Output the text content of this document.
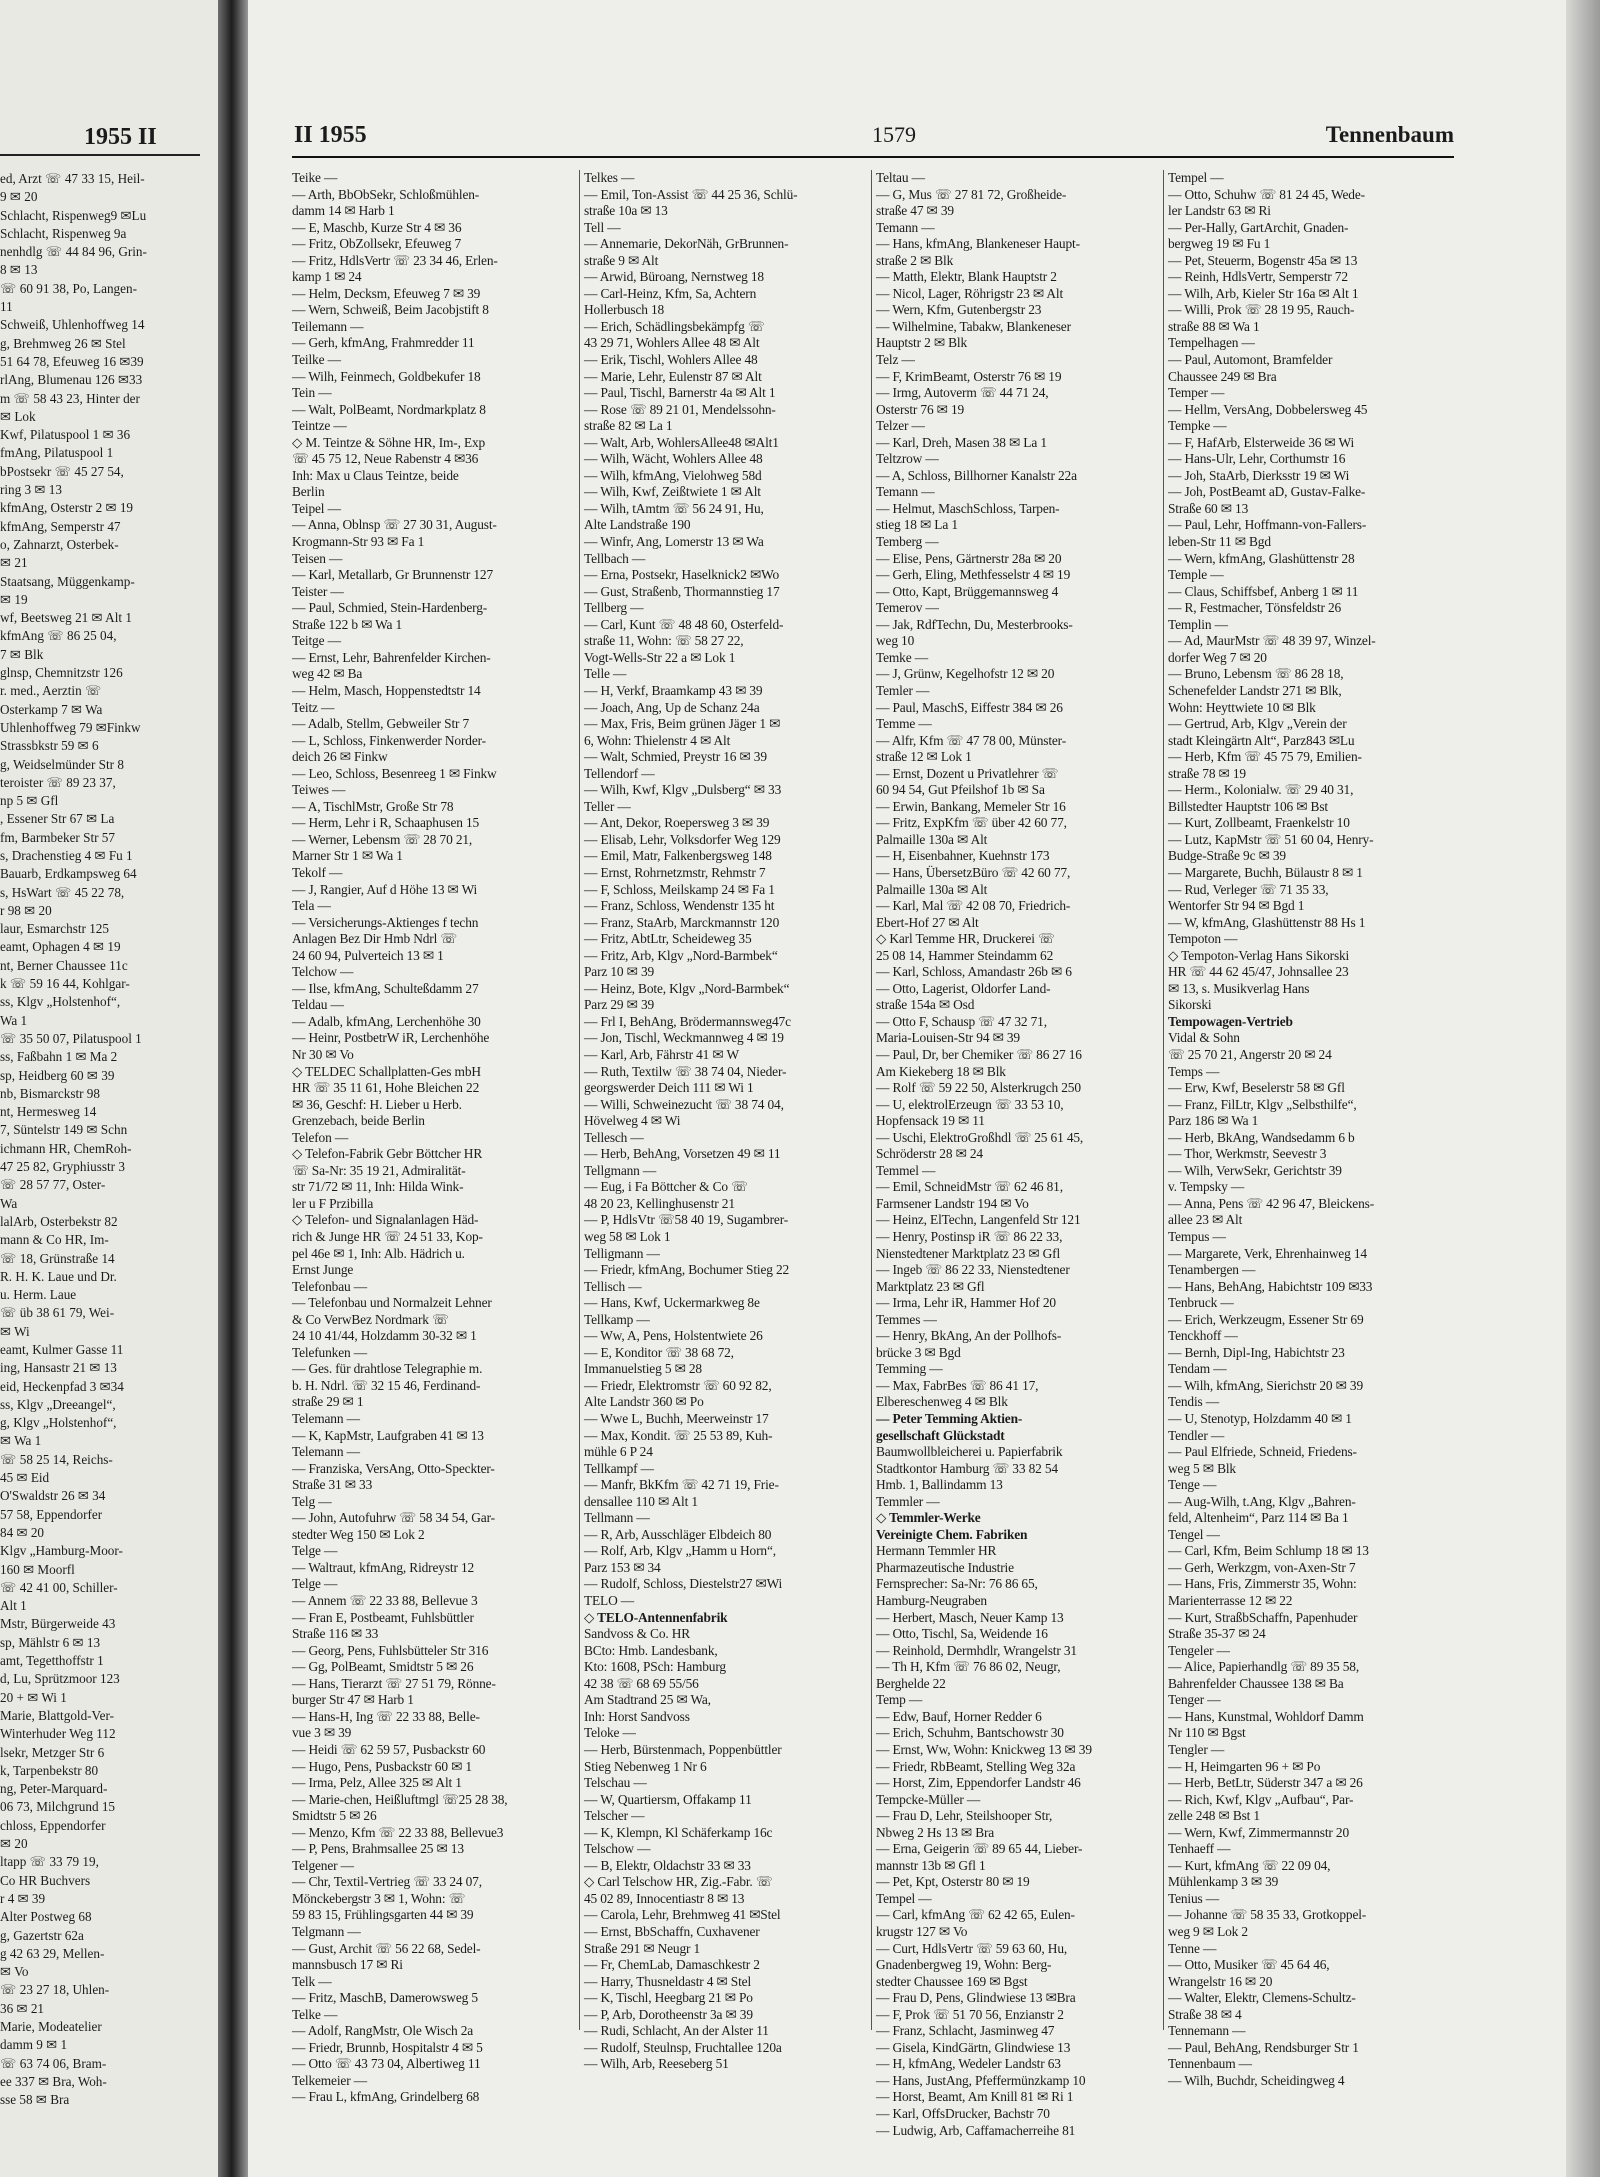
1955 II
ed, Arzt ☏ 47 33 15, Heil-
9 ✉ 20
Schlacht, Rispenweg9 ✉Lu
Schlacht, Rispenweg 9a
nenhdlg ☏ 44 84 96, Grin-
8 ✉ 13
☏ 60 91 38, Po, Langen-
11
Schweiß, Uhlenhoffweg 14
g, Brehmweg 26 ✉ Stel
51 64 78, Efeuweg 16 ✉39
rlAng, Blumenau 126 ✉33
m ☏ 58 43 23, Hinter der
✉ Lok
Kwf, Pilatuspool 1 ✉ 36
fmAng, Pilatuspool 1
bPostsekr ☏ 45 27 54,
ring 3 ✉ 13
kfmAng, Osterstr 2 ✉ 19
kfmAng, Semperstr 47
o, Zahnarzt, Osterbek-
✉ 21
Staatsang, Müggenkamp-
✉ 19
wf, Beetsweg 21 ✉ Alt 1
kfmAng ☏ 86 25 04,
7 ✉ Blk
glnsp, Chemnitzstr 126
r. med., Aerztin ☏
Osterkamp 7 ✉ Wa
Uhlenhoffweg 79 ✉Finkw
Strassbkstr 59 ✉ 6
g, Weidselmünder Str 8
teroister ☏ 89 23 37,
np 5 ✉ Gfl
, Essener Str 67 ✉ La
fm, Barmbeker Str 57
s, Drachenstieg 4 ✉ Fu 1
Bauarb, Erdkampsweg 64
s, HsWart ☏ 45 22 78,
r 98 ✉ 20
laur, Esmarchstr 125
eamt, Ophagen 4 ✉ 19
nt, Berner Chaussee 11c
k ☏ 59 16 44, Kohlgar-
ss, Klgv „Holstenhof“,
Wa 1
☏ 35 50 07, Pilatuspool 1
ss, Faßbahn 1 ✉ Ma 2
sp, Heidberg 60 ✉ 39
nb, Bismarckstr 98
nt, Hermesweg 14
7, Süntelstr 149 ✉ Schn
ichmann HR, ChemRoh-
47 25 82, Gryphiusstr 3
☏ 28 57 77, Oster-
Wa
lalArb, Osterbekstr 82
mann & Co HR, Im-
☏ 18, Grünstraße 14
R. H. K. Laue und Dr.
u. Herm. Laue
☏ üb 38 61 79, Wei-
✉ Wi
eamt, Kulmer Gasse 11
ing, Hansastr 21 ✉ 13
eid, Heckenpfad 3 ✉34
ss, Klgv „Dreeangel“,
g, Klgv „Holstenhof“,
✉ Wa 1
☏ 58 25 14, Reichs-
45 ✉ Eid
O'Swaldstr 26 ✉ 34
57 58, Eppendorfer
84 ✉ 20
Klgv „Hamburg-Moor-
160 ✉ Moorfl
☏ 42 41 00, Schiller-
Alt 1
Mstr, Bürgerweide 43
sp, Mählstr 6 ✉ 13
amt, Tegetthoffstr 1
d, Lu, Sprützmoor 123
20 + ✉ Wi 1
Marie, Blattgold-Ver-
Winterhuder Weg 112
lsekr, Metzger Str 6
k, Tarpenbekstr 80
ng, Peter-Marquard-
06 73, Milchgrund 15
chloss, Eppendorfer
✉ 20
ltapp ☏ 33 79 19,
Co HR Buchvers
r 4 ✉ 39
Alter Postweg 68
g, Gazertstr 62a
g 42 63 29, Mellen-
✉ Vo
☏ 23 27 18, Uhlen-
36 ✉ 21
Marie, Modeatelier
damm 9 ✉ 1
☏ 63 74 06, Bram-
ee 337 ✉ Bra, Woh-
sse 58 ✉ Bra
II 1955	1579	Tennenbaum
Teike —
— Arth, BbObSekr, Schloßmühlen-
damm 14 ✉ Harb 1
— E, Maschb, Kurze Str 4 ✉ 36
— Fritz, ObZollsekr, Efeuweg 7
— Fritz, HdlsVertr ☏ 23 34 46, Erlen-
kamp 1 ✉ 24
— Helm, Decksm, Efeuweg 7 ✉ 39
— Wern, Schweiß, Beim Jacobjstift 8
Teilemann —
— Gerh, kfmAng, Frahmredder 11
Teilke —
— Wilh, Feinmech, Goldbekufer 18
Tein —
— Walt, PolBeamt, Nordmarkplatz 8
Teintze —
◇ M. Teintze & Söhne HR, Im-, Exp
☏ 45 75 12, Neue Rabenstr 4 ✉36
Inh: Max u Claus Teintze, beide
Berlin
Teipel —
— Anna, Oblnsp ☏ 27 30 31, August-
Krogmann-Str 93 ✉ Fa 1
Teisen —
— Karl, Metallarb, Gr Brunnenstr 127
Teister —
— Paul, Schmied, Stein-Hardenberg-
Straße 122 b ✉ Wa 1
Teitge —
— Ernst, Lehr, Bahrenfelder Kirchen-
weg 42 ✉ Ba
— Helm, Masch, Hoppenstedtstr 14
Teitz —
— Adalb, Stellm, Gebweiler Str 7
— L, Schloss, Finkenwerder Norder-
deich 26 ✉ Finkw
— Leo, Schloss, Besenreeg 1 ✉ Finkw
Teiwes —
— A, TischlMstr, Große Str 78
— Herm, Lehr i R, Schaaphusen 15
— Werner, Lebensm ☏ 28 70 21,
Marner Str 1 ✉ Wa 1
Tekolf —
— J, Rangier, Auf d Höhe 13 ✉ Wi
Tela —
— Versicherungs-Aktienges f techn
Anlagen Bez Dir Hmb Ndrl ☏
24 60 94, Pulverteich 13 ✉ 1
Telchow —
— Ilse, kfmAng, Schulteßdamm 27
Teldau —
— Adalb, kfmAng, Lerchenhöhe 30
— Heinr, PostbetrW iR, Lerchenhöhe
Nr 30 ✉ Vo
◇ TELDEC Schallplatten-Ges mbH
HR ☏ 35 11 61, Hohe Bleichen 22
✉ 36, Geschf: H. Lieber u Herb.
Grenzebach, beide Berlin
Telefon —
◇ Telefon-Fabrik Gebr Böttcher HR
☏ Sa-Nr: 35 19 21, Admiralität-
str 71/72 ✉ 11, Inh: Hilda Wink-
ler u F Przibilla
◇ Telefon- und Signalanlagen Häd-
rich & Junge HR ☏ 24 51 33, Kop-
pel 46e ✉ 1, Inh: Alb. Hädrich u.
Ernst Junge
Telefonbau —
— Telefonbau und Normalzeit Lehner
& Co VerwBez Nordmark ☏
24 10 41/44, Holzdamm 30-32 ✉ 1
Telefunken —
— Ges. für drahtlose Telegraphie m.
b. H. Ndrl. ☏ 32 15 46, Ferdinand-
straße 29 ✉ 1
Telemann —
— K, KapMstr, Laufgraben 41 ✉ 13
Telemann —
— Franziska, VersAng, Otto-Speckter-
Straße 31 ✉ 33
Telg —
— John, Autofuhrw ☏ 58 34 54, Gar-
stedter Weg 150 ✉ Lok 2
Telge —
— Waltraut, kfmAng, Ridreystr 12
Telge —
— Annem ☏ 22 33 88, Bellevue 3
— Fran E, Postbeamt, Fuhlsbüttler
Straße 116 ✉ 33
— Georg, Pens, Fuhlsbütteler Str 316
— Gg, PolBeamt, Smidtstr 5 ✉ 26
— Hans, Tierarzt ☏ 27 51 79, Rönne-
burger Str 47 ✉ Harb 1
— Hans-H, Ing ☏ 22 33 88, Belle-
vue 3 ✉ 39
— Heidi ☏ 62 59 57, Pusbackstr 60
— Hugo, Pens, Pusbackstr 60 ✉ 1
— Irma, Pelz, Allee 325 ✉ Alt 1
— Marie-chen, Heißluftmgl ☏25 28 38,
Smidtstr 5 ✉ 26
— Menzo, Kfm ☏ 22 33 88, Bellevue3
— P, Pens, Brahmsallee 25 ✉ 13
Telgener —
— Chr, Textil-Vertrieg ☏ 33 24 07,
Mönckebergstr 3 ✉ 1, Wohn: ☏
59 83 15, Frühlingsgarten 44 ✉ 39
Telgmann —
— Gust, Archit ☏ 56 22 68, Sedel-
mannsbusch 17 ✉ Ri
Telk —
— Fritz, MaschB, Damerowsweg 5
Telke —
— Adolf, RangMstr, Ole Wisch 2a
— Friedr, Brunnb, Hospitalstr 4 ✉ 5
— Otto ☏ 43 73 04, Albertiweg 11
Telkemeier —
— Frau L, kfmAng, Grindelberg 68
Telkes —
— Emil, Ton-Assist ☏ 44 25 36, Schlü-
straße 10a ✉ 13
Tell —
— Annemarie, DekorNäh, GrBrunnen-
straße 9 ✉ Alt
— Arwid, Büroang, Nernstweg 18
— Carl-Heinz, Kfm, Sa, Achtern
Hollerbusch 18
— Erich, Schädlingsbekämpfg ☏
43 29 71, Wohlers Allee 48 ✉ Alt
— Erik, Tischl, Wohlers Allee 48
— Marie, Lehr, Eulenstr 87 ✉ Alt
— Paul, Tischl, Barnerstr 4a ✉ Alt 1
— Rose ☏ 89 21 01, Mendelssohn-
straße 82 ✉ La 1
— Walt, Arb, WohlersAllee48 ✉Alt1
— Wilh, Wächt, Wohlers Allee 48
— Wilh, kfmAng, Vielohweg 58d
— Wilh, Kwf, Zeißtwiete 1 ✉ Alt
— Wilh, tAmtm ☏ 56 24 91, Hu,
Alte Landstraße 190
— Winfr, Ang, Lomerstr 13 ✉ Wa
Tellbach —
— Erna, Postsekr, Haselknick2 ✉Wo
— Gust, Straßenb, Thormannstieg 17
Tellberg —
— Carl, Kunt ☏ 48 48 60, Osterfeld-
straße 11, Wohn: ☏ 58 27 22,
Vogt-Wells-Str 22 a ✉ Lok 1
Telle —
— H, Verkf, Braamkamp 43 ✉ 39
— Joach, Ang, Up de Schanz 24a
— Max, Fris, Beim grünen Jäger 1 ✉
6, Wohn: Thielenstr 4 ✉ Alt
— Walt, Schmied, Preystr 16 ✉ 39
Tellendorf —
— Wilh, Kwf, Klgv „Dulsberg“ ✉ 33
Teller —
— Ant, Dekor, Roepersweg 3 ✉ 39
— Elisab, Lehr, Volksdorfer Weg 129
— Emil, Matr, Falkenbergsweg 148
— Ernst, Rohrnetzmstr, Rehmstr 7
— F, Schloss, Meilskamp 24 ✉ Fa 1
— Franz, Schloss, Wendenstr 135 ht
— Franz, StaArb, Marckmannstr 120
— Fritz, AbtLtr, Scheideweg 35
— Fritz, Arb, Klgv „Nord-Barmbek“
Parz 10 ✉ 39
— Heinz, Bote, Klgv „Nord-Barmbek“
Parz 29 ✉ 39
— Frl I, BehAng, Brödermannsweg47c
— Jon, Tischl, Weckmannweg 4 ✉ 19
— Karl, Arb, Fährstr 41 ✉ W
— Ruth, Textilw ☏ 38 74 04, Nieder-
georgswerder Deich 111 ✉ Wi 1
— Willi, Schweinezucht ☏ 38 74 04,
Hövelweg 4 ✉ Wi
Tellesch —
— Herb, BehAng, Vorsetzen 49 ✉ 11
Tellgmann —
— Eug, i Fa Böttcher & Co ☏
48 20 23, Kellinghusenstr 21
— P, HdlsVtr ☏58 40 19, Sugambrer-
weg 58 ✉ Lok 1
Telligmann —
— Friedr, kfmAng, Bochumer Stieg 22
Tellisch —
— Hans, Kwf, Uckermarkweg 8e
Tellkamp —
— Ww, A, Pens, Holstentwiete 26
— E, Konditor ☏ 38 68 72,
Immanuelstieg 5 ✉ 28
— Friedr, Elektromstr ☏ 60 92 82,
Alte Landstr 360 ✉ Po
— Wwe L, Buchh, Meerweinstr 17
— Max, Kondit. ☏ 25 53 89, Kuh-
mühle 6 P 24
Tellkampf —
— Manfr, BkKfm ☏ 42 71 19, Frie-
densallee 110 ✉ Alt 1
Tellmann —
— R, Arb, Ausschläger Elbdeich 80
— Rolf, Arb, Klgv „Hamm u Horn“,
Parz 153 ✉ 34
— Rudolf, Schloss, Diestelstr27 ✉Wi
TELO —
◇ TELO-Antennenfabrik
Sandvoss & Co. HR
BCto: Hmb. Landesbank,
Kto: 1608, PSch: Hamburg
42 38 ☏ 68 69 55/56
Am Stadtrand 25 ✉ Wa,
Inh: Horst Sandvoss
Teloke —
— Herb, Bürstenmach, Poppenbüttler
Stieg Nebenweg 1 Nr 6
Telschau —
— W, Quartiersm, Offakamp 11
Telscher —
— K, Klempn, Kl Schäferkamp 16c
Telschow —
— B, Elektr, Oldachstr 33 ✉ 33
◇ Carl Telschow HR, Zig.-Fabr. ☏
45 02 89, Innocentiastr 8 ✉ 13
— Carola, Lehr, Brehmweg 41 ✉Stel
— Ernst, BbSchaffn, Cuxhavener
Straße 291 ✉ Neugr 1
— Fr, ChemLab, Damaschkestr 2
— Harry, Thusneldastr 4 ✉ Stel
— K, Tischl, Heegbarg 21 ✉ Po
— P, Arb, Dorotheenstr 3a ✉ 39
— Rudi, Schlacht, An der Alster 11
— Rudolf, Steulnsp, Fruchtallee 120a
— Wilh, Arb, Reeseberg 51
Teltau —
— G, Mus ☏ 27 81 72, Großheide-
straße 47 ✉ 39
Temann —
— Hans, kfmAng, Blankeneser Haupt-
straße 2 ✉ Blk
— Matth, Elektr, Blank Hauptstr 2
— Nicol, Lager, Röhrigstr 23 ✉ Alt
— Wern, Kfm, Gutenbergstr 23
— Wilhelmine, Tabakw, Blankeneser
Hauptstr 2 ✉ Blk
Telz —
— F, KrimBeamt, Osterstr 76 ✉ 19
— Irmg, Autoverm ☏ 44 71 24,
Osterstr 76 ✉ 19
Telzer —
— Karl, Dreh, Masen 38 ✉ La 1
Teltzrow —
— A, Schloss, Billhorner Kanalstr 22a
Temann —
— Helmut, MaschSchloss, Tarpen-
stieg 18 ✉ La 1
Temberg —
— Elise, Pens, Gärtnerstr 28a ✉ 20
— Gerh, Eling, Methfesselstr 4 ✉ 19
— Otto, Kapt, Brüggemannsweg 4
Temerov —
— Jak, RdfTechn, Du, Mesterbrooks-
weg 10
Temke —
— J, Grünw, Kegelhofstr 12 ✉ 20
Temler —
— Paul, MaschS, Eiffestr 384 ✉ 26
Temme —
— Alfr, Kfm ☏ 47 78 00, Münster-
straße 12 ✉ Lok 1
— Ernst, Dozent u Privatlehrer ☏
60 94 54, Gut Pfeilshof 1b ✉ Sa
— Erwin, Bankang, Memeler Str 16
— Fritz, ExpKfm ☏ über 42 60 77,
Palmaille 130a ✉ Alt
— H, Eisenbahner, Kuehnstr 173
— Hans, ÜbersetzBüro ☏ 42 60 77,
Palmaille 130a ✉ Alt
— Karl, Mal ☏ 42 08 70, Friedrich-
Ebert-Hof 27 ✉ Alt
◇ Karl Temme HR, Druckerei ☏
25 08 14, Hammer Steindamm 62
— Karl, Schloss, Amandastr 26b ✉ 6
— Otto, Lagerist, Oldorfer Land-
straße 154a ✉ Osd
— Otto F, Schausp ☏ 47 32 71,
Maria-Louisen-Str 94 ✉ 39
— Paul, Dr, ber Chemiker ☏ 86 27 16
Am Kiekeberg 18 ✉ Blk
— Rolf ☏ 59 22 50, Alsterkrugch 250
— U, elektrolErzeugn ☏ 33 53 10,
Hopfensack 19 ✉ 11
— Uschi, ElektroGroßhdl ☏ 25 61 45,
Schröderstr 28 ✉ 24
Temmel —
— Emil, SchneidMstr ☏ 62 46 81,
Farmsener Landstr 194 ✉ Vo
— Heinz, ElTechn, Langenfeld Str 121
— Henry, Postinsp iR ☏ 86 22 33,
Nienstedtener Marktplatz 23 ✉ Gfl
— Ingeb ☏ 86 22 33, Nienstedtener
Marktplatz 23 ✉ Gfl
— Irma, Lehr iR, Hammer Hof 20
Temmes —
— Henry, BkAng, An der Pollhofs-
brücke 3 ✉ Bgd
Temming —
— Max, FabrBes ☏ 86 41 17,
Elbereschenweg 4 ✉ Blk
— Peter Temming Aktien-
gesellschaft Glückstadt
Baumwollbleicherei u. Papierfabrik
Stadtkontor Hamburg ☏ 33 82 54
Hmb. 1, Ballindamm 13
Temmler —
◇ Temmler-Werke
Vereinigte Chem. Fabriken
Hermann Temmler HR
Pharmazeutische Industrie
Fernsprecher: Sa-Nr: 76 86 65,
Hamburg-Neugraben
— Herbert, Masch, Neuer Kamp 13
— Otto, Tischl, Sa, Weidende 16
— Reinhold, Dermhdlr, Wrangelstr 31
— Th H, Kfm ☏ 76 86 02, Neugr,
Berghelde 22
Temp —
— Edw, Bauf, Horner Redder 6
— Erich, Schuhm, Bantschowstr 30
— Ernst, Ww, Wohn: Knickweg 13 ✉ 39
— Friedr, RbBeamt, Stelling Weg 32a
— Horst, Zim, Eppendorfer Landstr 46
Tempcke-Müller —
— Frau D, Lehr, Steilshooper Str,
Nbweg 2 Hs 13 ✉ Bra
— Erna, Geigerin ☏ 89 65 44, Lieber-
mannstr 13b ✉ Gfl 1
— Pet, Kpt, Osterstr 80 ✉ 19
Tempel —
— Carl, kfmAng ☏ 62 42 65, Eulen-
krugstr 127 ✉ Vo
— Curt, HdlsVertr ☏ 59 63 60, Hu,
Gnadenbergweg 19, Wohn: Berg-
stedter Chaussee 169 ✉ Bgst
— Frau D, Pens, Glindwiese 13 ✉Bra
— F, Prok ☏ 51 70 56, Enzianstr 2
— Franz, Schlacht, Jasminweg 47
— Gisela, KindGärtn, Glindwiese 13
— H, kfmAng, Wedeler Landstr 63
— Hans, JustAng, Pfeffermünzkamp 10
— Horst, Beamt, Am Knill 81 ✉ Ri 1
— Karl, OffsDrucker, Bachstr 70
— Ludwig, Arb, Caffamacherreihe 81
Tempel —
— Otto, Schuhw ☏ 81 24 45, Wede-
ler Landstr 63 ✉ Ri
— Per-Hally, GartArchit, Gnaden-
bergweg 19 ✉ Fu 1
— Pet, Steuerm, Bogenstr 45a ✉ 13
— Reinh, HdlsVertr, Semperstr 72
— Wilh, Arb, Kieler Str 16a ✉ Alt 1
— Willi, Prok ☏ 28 19 95, Rauch-
straße 88 ✉ Wa 1
Tempelhagen —
— Paul, Automont, Bramfelder
Chaussee 249 ✉ Bra
Temper —
— Hellm, VersAng, Dobbelersweg 45
Tempke —
— F, HafArb, Elsterweide 36 ✉ Wi
— Hans-Ulr, Lehr, Corthumstr 16
— Joh, StaArb, Dierksstr 19 ✉ Wi
— Joh, PostBeamt aD, Gustav-Falke-
Straße 60 ✉ 13
— Paul, Lehr, Hoffmann-von-Fallers-
leben-Str 11 ✉ Bgd
— Wern, kfmAng, Glashüttenstr 28
Temple —
— Claus, Schiffsbef, Anberg 1 ✉ 11
— R, Festmacher, Tönsfeldstr 26
Templin —
— Ad, MaurMstr ☏ 48 39 97, Winzel-
dorfer Weg 7 ✉ 20
— Bruno, Lebensm ☏ 86 28 18,
Schenefelder Landstr 271 ✉ Blk,
Wohn: Heyttwiete 10 ✉ Blk
— Gertrud, Arb, Klgv „Verein der
stadt Kleingärtn Alt“, Parz843 ✉Lu
— Herb, Kfm ☏ 45 75 79, Emilien-
straße 78 ✉ 19
— Herm., Kolonialw. ☏ 29 40 31,
Billstedter Hauptstr 106 ✉ Bst
— Kurt, Zollbeamt, Fraenkelstr 10
— Lutz, KapMstr ☏ 51 60 04, Henry-
Budge-Straße 9c ✉ 39
— Margarete, Buchh, Bülaustr 8 ✉ 1
— Rud, Verleger ☏ 71 35 33,
Wentorfer Str 94 ✉ Bgd 1
— W, kfmAng, Glashüttenstr 88 Hs 1
Tempoton —
◇ Tempoton-Verlag Hans Sikorski
HR ☏ 44 62 45/47, Johnsallee 23
✉ 13, s. Musikverlag Hans
Sikorski
Tempowagen-Vertrieb
Vidal & Sohn
☏ 25 70 21, Angerstr 20 ✉ 24
Temps —
— Erw, Kwf, Beselerstr 58 ✉ Gfl
— Franz, FilLtr, Klgv „Selbsthilfe“,
Parz 186 ✉ Wa 1
— Herb, BkAng, Wandsedamm 6 b
— Thor, Werkmstr, Seevestr 3
— Wilh, VerwSekr, Gerichtstr 39
v. Tempsky —
— Anna, Pens ☏ 42 96 47, Bleickens-
allee 23 ✉ Alt
Tempus —
— Margarete, Verk, Ehrenhainweg 14
Tenambergen —
— Hans, BehAng, Habichtstr 109 ✉33
Tenbruck —
— Erich, Werkzeugm, Essener Str 69
Tenckhoff —
— Bernh, Dipl-Ing, Habichtstr 23
Tendam —
— Wilh, kfmAng, Sierichstr 20 ✉ 39
Tendis —
— U, Stenotyp, Holzdamm 40 ✉ 1
Tendler —
— Paul Elfriede, Schneid, Friedens-
weg 5 ✉ Blk
Tenge —
— Aug-Wilh, t.Ang, Klgv „Bahren-
feld, Altenheim“, Parz 114 ✉ Ba 1
Tengel —
— Carl, Kfm, Beim Schlump 18 ✉ 13
— Gerh, Werkzgm, von-Axen-Str 7
— Hans, Fris, Zimmerstr 35, Wohn:
Marienterrasse 12 ✉ 22
— Kurt, StraßbSchaffn, Papenhuder
Straße 35-37 ✉ 24
Tengeler —
— Alice, Papierhandlg ☏ 89 35 58,
Bahrenfelder Chaussee 138 ✉ Ba
Tenger —
— Hans, Kunstmal, Wohldorf Damm
Nr 110 ✉ Bgst
Tengler —
— H, Heimgarten 96 + ✉ Po
— Herb, BetLtr, Süderstr 347 a ✉ 26
— Rich, Kwf, Klgv „Aufbau“, Par-
zelle 248 ✉ Bst 1
— Wern, Kwf, Zimmermannstr 20
Tenhaeff —
— Kurt, kfmAng ☏ 22 09 04,
Mühlenkamp 3 ✉ 39
Tenius —
— Johanne ☏ 58 35 33, Grotkoppel-
weg 9 ✉ Lok 2
Tenne —
— Otto, Musiker ☏ 45 64 46,
Wrangelstr 16 ✉ 20
— Walter, Elektr, Clemens-Schultz-
Straße 38 ✉ 4
Tennemann —
— Paul, BehAng, Rendsburger Str 1
Tennenbaum —
— Wilh, Buchdr, Scheidingweg 4
